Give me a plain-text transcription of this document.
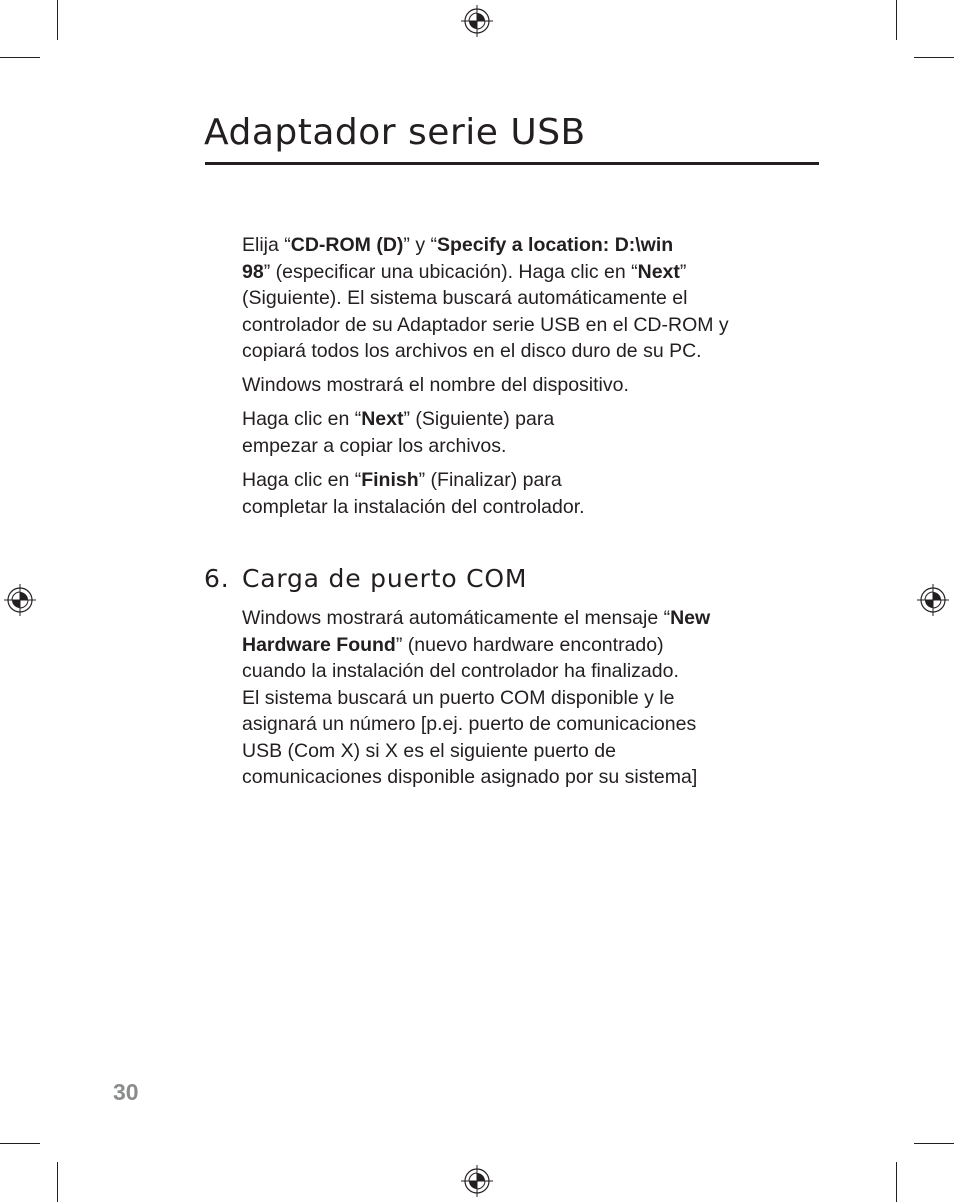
Adaptador serie USB

Elija “CD-ROM (D)” y “Specify a location: D:\win
98” (especificar una ubicación). Haga clic en “Next”
(Siguiente). El sistema buscará automáticamente el
controlador de su Adaptador serie USB en el CD-ROM y
copiará todos los archivos en el disco duro de su PC.

Windows mostrará el nombre del dispositivo.

Haga clic en “Next” (Siguiente) para
empezar a copiar los archivos.

Haga clic en “Finish” (Finalizar) para
completar la instalación del controlador.

6. Carga de puerto COM

Windows mostrará automáticamente el mensaje “New
Hardware Found” (nuevo hardware encontrado)
cuando la instalación del controlador ha finalizado.
El sistema buscará un puerto COM disponible y le
asignará un número [p.ej. puerto de comunicaciones
USB (Com X) si X es el siguiente puerto de
comunicaciones disponible asignado por su sistema]

30
